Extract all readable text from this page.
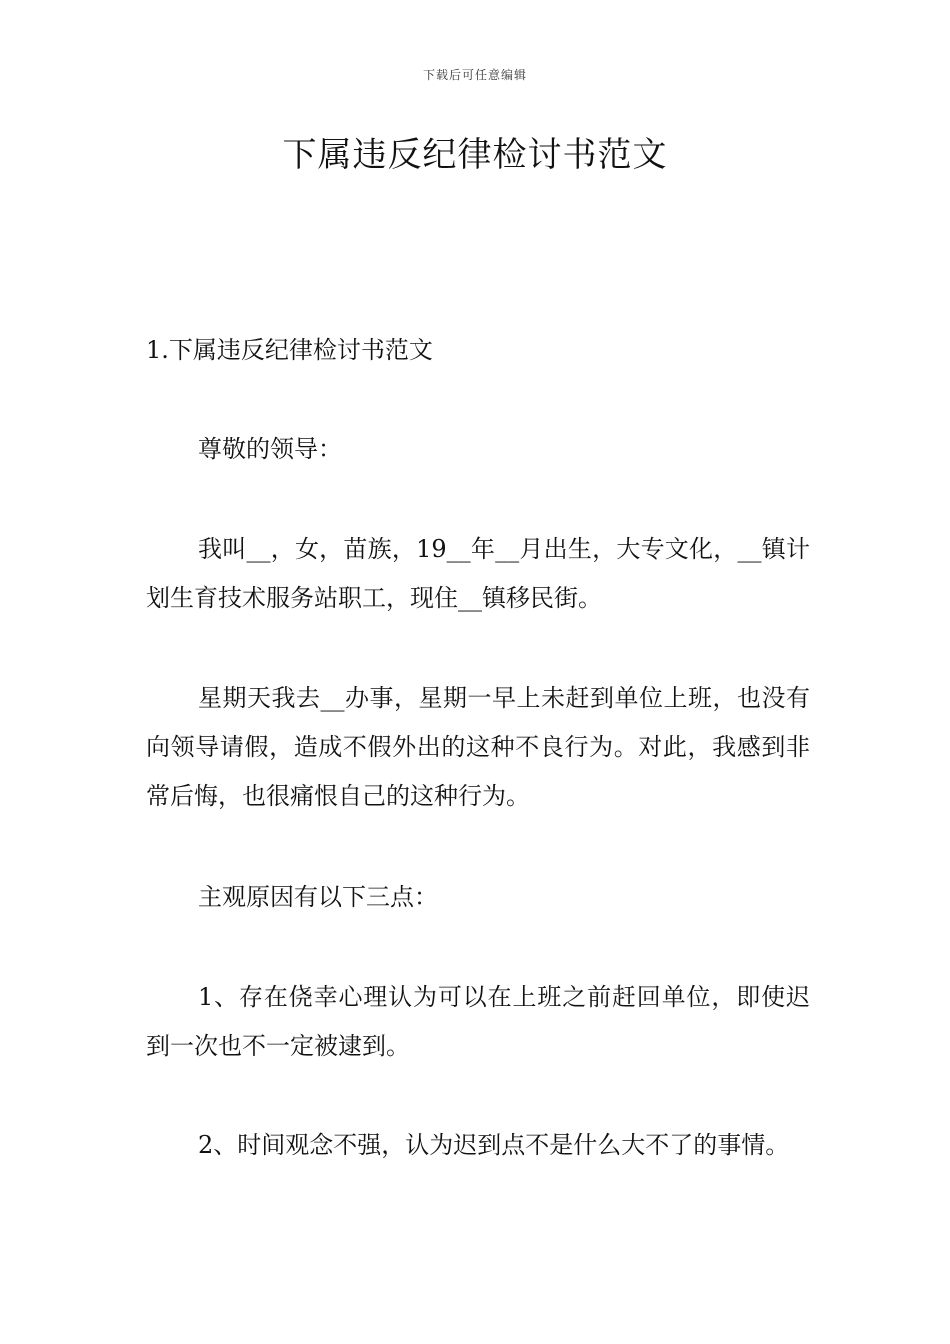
下载后可任意编辑
下属违反纪律检讨书范文

1.下属违反纪律检讨书范文

尊敬的领导：

我叫__，女，苗族，19__年__月出生，大专文化，__镇计划生育技术服务站职工，现住__镇移民街。

星期天我去__办事，星期一早上未赶到单位上班，也没有向领导请假，造成不假外出的这种不良行为。对此，我感到非常后悔，也很痛恨自己的这种行为。

主观原因有以下三点：

1、存在侥幸心理认为可以在上班之前赶回单位，即使迟到一次也不一定被逮到。

2、时间观念不强，认为迟到点不是什么大不了的事情。
